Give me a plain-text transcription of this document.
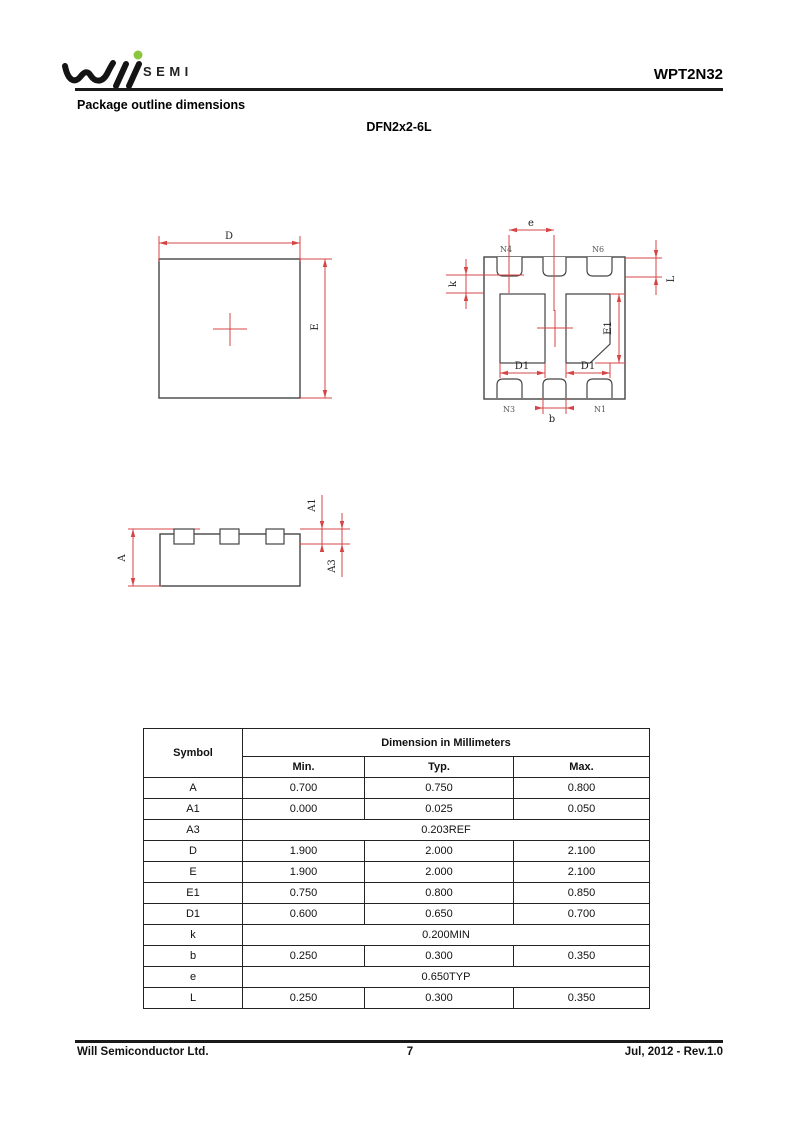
SEMI	WPT2N32
Package outline dimensions
DFN2x2-6L
D
E
e
k
L
E1
D1	D1
b
N4	N6
N3	N1
A
A1
A3
Symbol	Dimension in Millimeters		
	Min.	Typ.	Max.
A	0.700	0.750	0.800
A1	0.000	0.025	0.050
A3	0.203REF		
D	1.900	2.000	2.100
E	1.900	2.000	2.100
E1	0.750	0.800	0.850
D1	0.600	0.650	0.700
k	0.200MIN		
b	0.250	0.300	0.350
e	0.650TYP		
L	0.250	0.300	0.350
Will Semiconductor Ltd.	7	Jul, 2012 - Rev.1.0
